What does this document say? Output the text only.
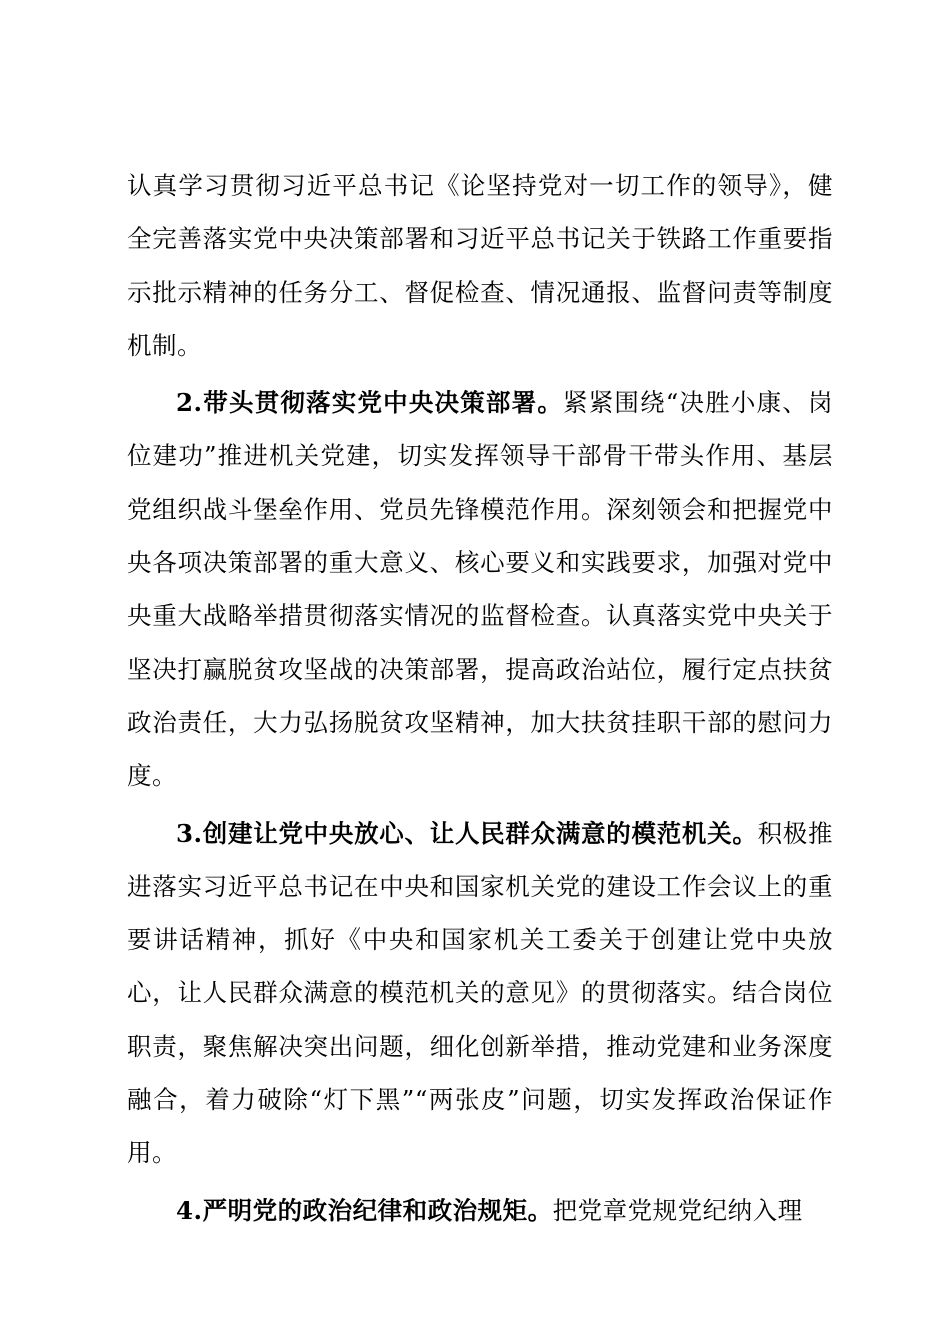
认真学习贯彻习近平总书记《论坚持党对一切工作的领导》，健全完善落实党中央决策部署和习近平总书记关于铁路工作重要指示批示精神的任务分工、督促检查、情况通报、监督问责等制度机制。

2.带头贯彻落实党中央决策部署。紧紧围绕“决胜小康、岗位建功”推进机关党建，切实发挥领导干部骨干带头作用、基层党组织战斗堡垒作用、党员先锋模范作用。深刻领会和把握党中央各项决策部署的重大意义、核心要义和实践要求，加强对党中央重大战略举措贯彻落实情况的监督检查。认真落实党中央关于坚决打赢脱贫攻坚战的决策部署，提高政治站位，履行定点扶贫政治责任，大力弘扬脱贫攻坚精神，加大扶贫挂职干部的慰问力度。

3.创建让党中央放心、让人民群众满意的模范机关。积极推进落实习近平总书记在中央和国家机关党的建设工作会议上的重要讲话精神，抓好《中央和国家机关工委关于创建让党中央放心，让人民群众满意的模范机关的意见》的贯彻落实。结合岗位职责，聚焦解决突出问题，细化创新举措，推动党建和业务深度融合，着力破除“灯下黑”“两张皮”问题，切实发挥政治保证作用。

4.严明党的政治纪律和政治规矩。把党章党规党纪纳入理
